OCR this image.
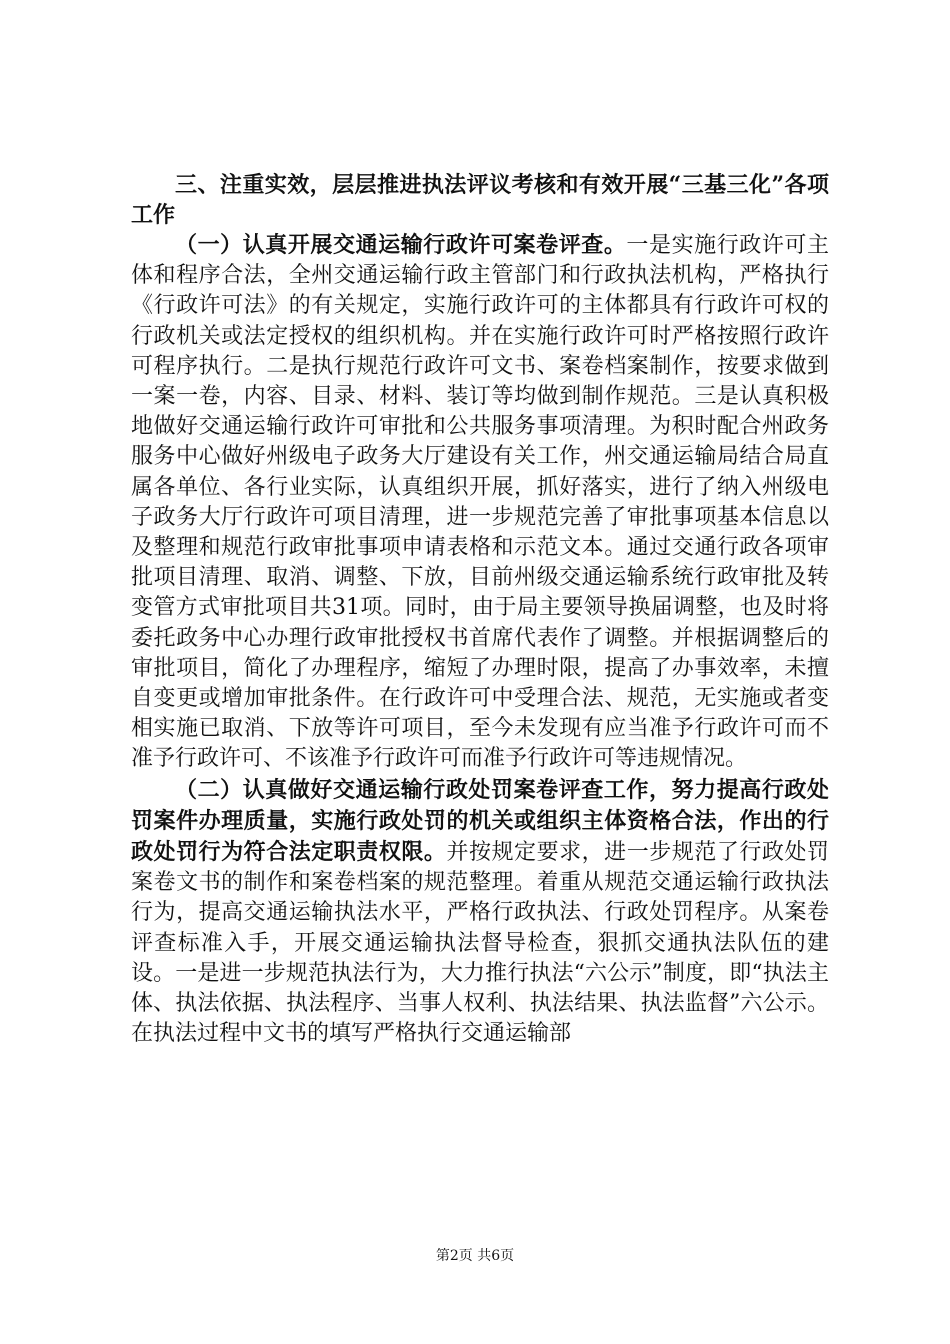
三、注重实效，层层推进执法评议考核和有效开展“三基三化”各项工作

（一）认真开展交通运输行政许可案卷评查。一是实施行政许可主体和程序合法，全州交通运输行政主管部门和行政执法机构，严格执行《行政许可法》的有关规定，实施行政许可的主体都具有行政许可权的行政机关或法定授权的组织机构。并在实施行政许可时严格按照行政许可程序执行。二是执行规范行政许可文书、案卷档案制作，按要求做到一案一卷，内容、目录、材料、装订等均做到制作规范。三是认真积极地做好交通运输行政许可审批和公共服务事项清理。为积时配合州政务服务中心做好州级电子政务大厅建设有关工作，州交通运输局结合局直属各单位、各行业实际，认真组织开展，抓好落实，进行了纳入州级电子政务大厅行政许可项目清理，进一步规范完善了审批事项基本信息以及整理和规范行政审批事项申请表格和示范文本。通过交通行政各项审批项目清理、取消、调整、下放，目前州级交通运输系统行政审批及转变管方式审批项目共31项。同时，由于局主要领导换届调整，也及时将委托政务中心办理行政审批授权书首席代表作了调整。并根据调整后的审批项目，简化了办理程序，缩短了办理时限，提高了办事效率，未擅自变更或增加审批条件。在行政许可中受理合法、规范，无实施或者变相实施已取消、下放等许可项目，至今未发现有应当准予行政许可而不准予行政许可、不该准予行政许可而准予行政许可等违规情况。

（二）认真做好交通运输行政处罚案卷评查工作，努力提高行政处罚案件办理质量，实施行政处罚的机关或组织主体资格合法，作出的行政处罚行为符合法定职责权限。并按规定要求，进一步规范了行政处罚案卷文书的制作和案卷档案的规范整理。着重从规范交通运输行政执法行为，提高交通运输执法水平，严格行政执法、行政处罚程序。从案卷评查标准入手，开展交通运输执法督导检查，狠抓交通执法队伍的建设。一是进一步规范执法行为，大力推行执法“六公示”制度，即“执法主体、执法依据、执法程序、当事人权利、执法结果、执法监督”六公示。在执法过程中文书的填写严格执行交通运输部

第2页 共6页
